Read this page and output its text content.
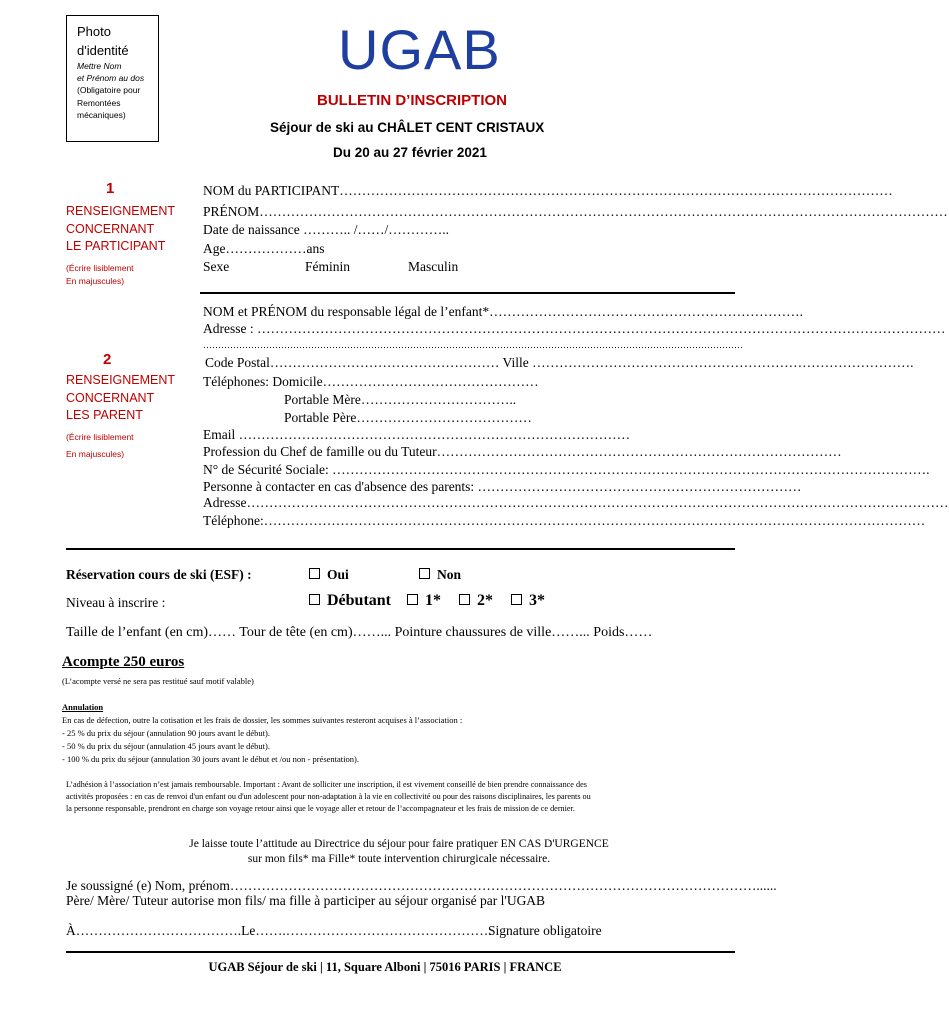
Photo
d'identité
Mettre Nom
et Prénom au dos
(Obligatoire pour
Remontées
mécaniques)
UGAB
BULLETIN D’INSCRIPTION
Séjour de ski au CHÂLET CENT CRISTAUX
Du 20 au 27 février 2021
1
RENSEIGNEMENT
CONCERNANT
LE PARTICIPANT
(Écrire lisiblement
En majuscules)
NOM du PARTICIPANT……………………………………………………………………………………………………………
PRÉNOM………………………………………………………………………………………………………………………………………
Date de naissance ……….. /……/…………..
Age………………ans
Sexe	Féminin	Masculin
2
RENSEIGNEMENT
CONCERNANT
LES PARENT
(Écrire lisiblement
En majuscules)
NOM et PRÉNOM du responsable légal de l’enfant*…………………………………………………………….
Adresse : ………………………………………………………………………………………………………………………………………
………………………………………………………………………………………………………………………………………………………………
Code Postal…………………………………………… Ville ………………………………………………………………………….
Téléphones: Domicile…………………………………………
Portable Mère……………………………..
Portable Père…………………………………
Email ……………………………………………………………………………
Profession du Chef de famille ou du Tuteur………………………………………………………………………………
N° de Sécurité Sociale: …………………………………………………………………………………………………………………….
Personne à contacter en cas d'absence des parents: ………………………………………………………………
Adresse…………………………………………………………………………………………………………………………………………
Téléphone:…………………………………………………………………………………………………………………………………
Réservation cours de ski (ESF) :	Oui	Non
Niveau à inscrire :	Débutant 1* 2* 3*
Taille de l’enfant (en cm)…… Tour de tête (en cm)……... Pointure chaussures de ville……... Poids……
Acompte 250 euros
(L’acompte versé ne sera pas restitué sauf motif valable)
Annulation
En cas de défection, outre la cotisation et les frais de dossier, les sommes suivantes resteront acquises à l’association :
- 25 % du prix du séjour (annulation 90 jours avant le début).
- 50 % du prix du séjour (annulation 45 jours avant le début).
- 100 % du prix du séjour (annulation 30 jours avant le début et /ou non - présentation).
L’adhésion à l’association n’est jamais remboursable. Important : Avant de solliciter une inscription, il est vivement conseillé de bien prendre connaissance des
activités proposées : en cas de renvoi d'un enfant ou d'un adolescent pour non-adaptation à la vie en collectivité ou pour des raisons disciplinaires, les parents ou
la personne responsable, prendront en charge son voyage retour ainsi que le voyage aller et retour de l’accompagnateur et les frais de mission de ce dernier.
Je laisse toute l’attitude au Directrice du séjour pour faire pratiquer EN CAS D'URGENCE
sur mon fils* ma Fille* toute intervention chirurgicale nécessaire.
Je soussigné (e) Nom, prénom………………………………………………………………………………………………………......
Père/ Mère/ Tuteur autorise mon fils/ ma fille à participer au séjour organisé par l'UGAB
À……………………………….Le…….……………………………………….
Signature obligatoire
UGAB Séjour de ski | 11, Square Alboni | 75016 PARIS | FRANCE
